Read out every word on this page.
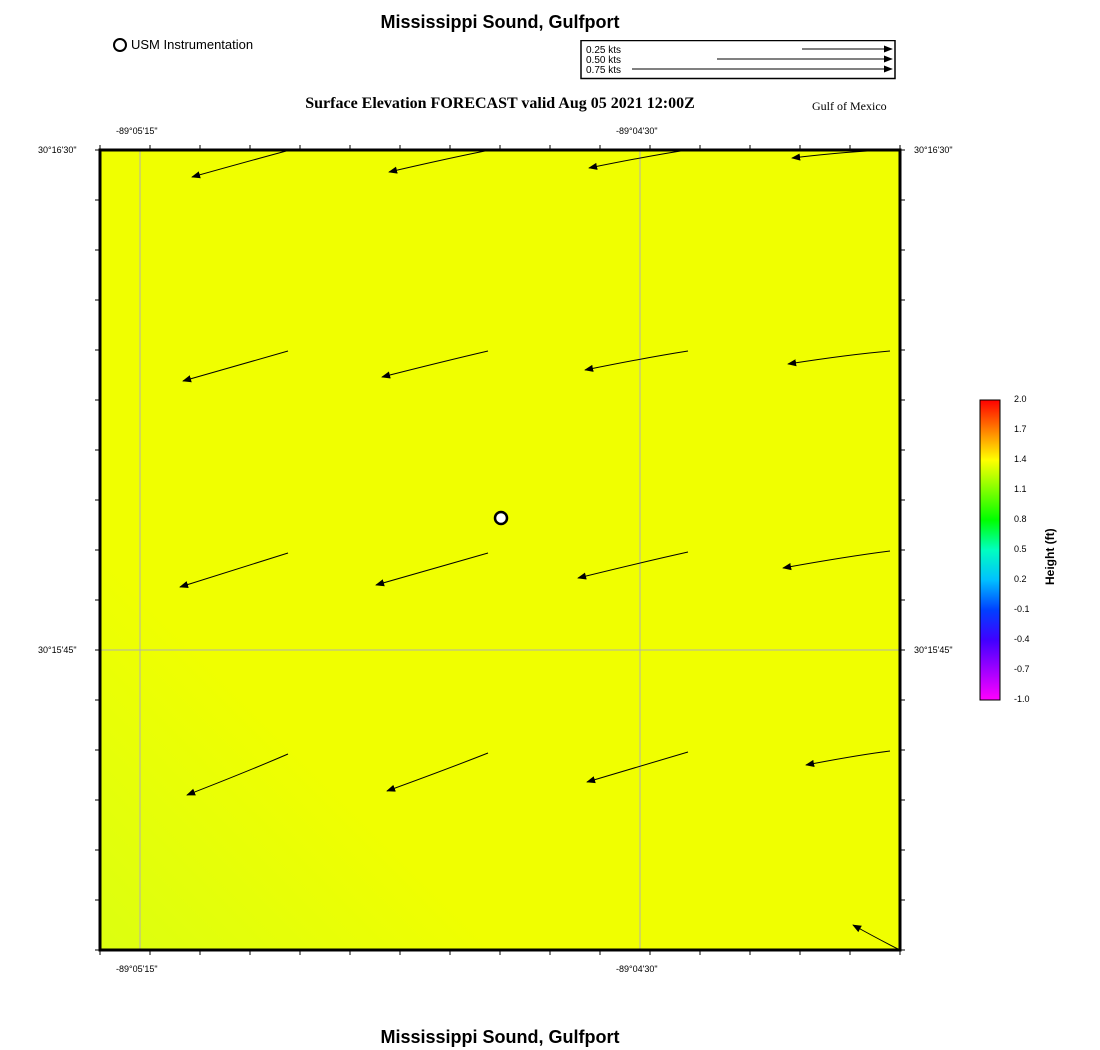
Mississippi Sound, Gulfport
Surface Elevation FORECAST valid Aug 05 2021 12:00Z	Gulf of Mexico
Mississippi Sound, Gulfport
USM Instrumentation	0.25 kts
0.50 kts
0.75 kts
-89°05'15"	-89°04'30"
-89°05'15"	-89°04'30"
30°16'30"
30°15'45"
30°16'30"
30°15'45"
2.0
1.7
1.4
1.1
0.8
0.5
0.2
-0.1
-0.4
-0.7
-1.0
Height (ft)
